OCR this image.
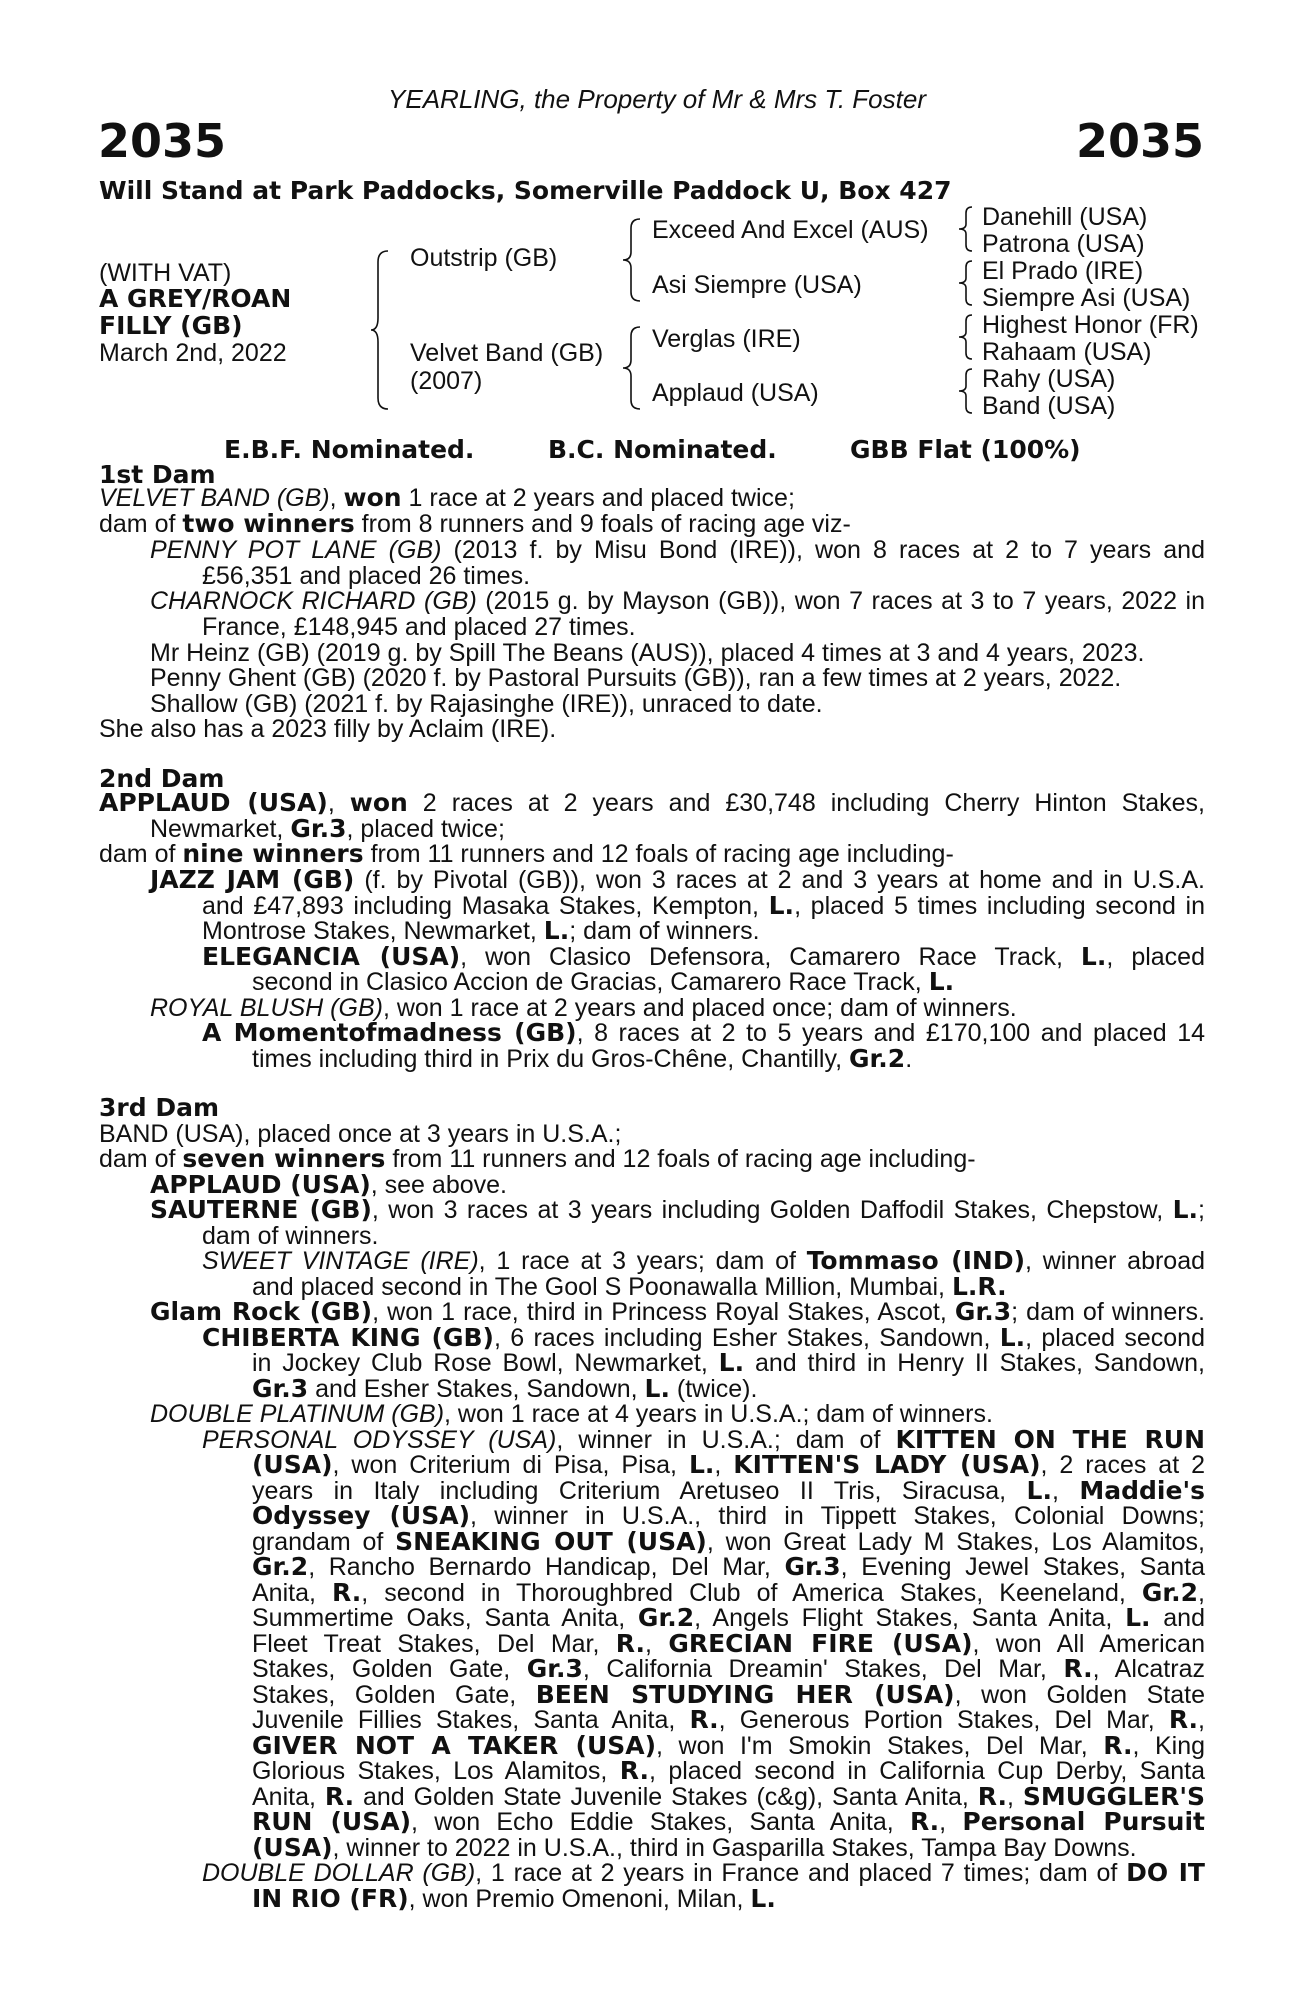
YEARLING, the Property of Mr & Mrs T. Foster
2035	2035
Will Stand at Park Paddocks, Somerville Paddock U, Box 427
(WITH VAT)
A GREY/ROAN
FILLY (GB)
March 2nd, 2022
Outstrip (GB)
Velvet Band (GB)
(2007)
Exceed And Excel (AUS)
Asi Siempre (USA)
Verglas (IRE)
Applaud (USA)
Danehill (USA)
Patrona (USA)
El Prado (IRE)
Siempre Asi (USA)
Highest Honor (FR)
Rahaam (USA)
Rahy (USA)
Band (USA)
E.B.F. Nominated.	B.C. Nominated.	GBB Flat (100%)
1st Dam
VELVET BAND (GB), won 1 race at 2 years and placed twice;
dam of two winners from 8 runners and 9 foals of racing age viz-
PENNY POT LANE (GB) (2013 f. by Misu Bond (IRE)), won 8 races at 2 to 7 years and
£56,351 and placed 26 times.
CHARNOCK RICHARD (GB) (2015 g. by Mayson (GB)), won 7 races at 3 to 7 years, 2022 in
France, £148,945 and placed 27 times.
Mr Heinz (GB) (2019 g. by Spill The Beans (AUS)), placed 4 times at 3 and 4 years, 2023.
Penny Ghent (GB) (2020 f. by Pastoral Pursuits (GB)), ran a few times at 2 years, 2022.
Shallow (GB) (2021 f. by Rajasinghe (IRE)), unraced to date.
She also has a 2023 filly by Aclaim (IRE).
2nd Dam
APPLAUD (USA), won 2 races at 2 years and £30,748 including Cherry Hinton Stakes,
Newmarket, Gr.3, placed twice;
dam of nine winners from 11 runners and 12 foals of racing age including-
JAZZ JAM (GB) (f. by Pivotal (GB)), won 3 races at 2 and 3 years at home and in U.S.A.
and £47,893 including Masaka Stakes, Kempton, L., placed 5 times including second in
Montrose Stakes, Newmarket, L.; dam of winners.
ELEGANCIA (USA), won Clasico Defensora, Camarero Race Track, L., placed
second in Clasico Accion de Gracias, Camarero Race Track, L.
ROYAL BLUSH (GB), won 1 race at 2 years and placed once; dam of winners.
A Momentofmadness (GB), 8 races at 2 to 5 years and £170,100 and placed 14
times including third in Prix du Gros-Chêne, Chantilly, Gr.2.
3rd Dam
BAND (USA), placed once at 3 years in U.S.A.;
dam of seven winners from 11 runners and 12 foals of racing age including-
APPLAUD (USA), see above.
SAUTERNE (GB), won 3 races at 3 years including Golden Daffodil Stakes, Chepstow, L.;
dam of winners.
SWEET VINTAGE (IRE), 1 race at 3 years; dam of Tommaso (IND), winner abroad
and placed second in The Gool S Poonawalla Million, Mumbai, L.R.
Glam Rock (GB), won 1 race, third in Princess Royal Stakes, Ascot, Gr.3; dam of winners.
CHIBERTA KING (GB), 6 races including Esher Stakes, Sandown, L., placed second
in Jockey Club Rose Bowl, Newmarket, L. and third in Henry II Stakes, Sandown,
Gr.3 and Esher Stakes, Sandown, L. (twice).
DOUBLE PLATINUM (GB), won 1 race at 4 years in U.S.A.; dam of winners.
PERSONAL ODYSSEY (USA), winner in U.S.A.; dam of KITTEN ON THE RUN
(USA), won Criterium di Pisa, Pisa, L., KITTEN'S LADY (USA), 2 races at 2
years in Italy including Criterium Aretuseo II Tris, Siracusa, L., Maddie's
Odyssey (USA), winner in U.S.A., third in Tippett Stakes, Colonial Downs;
grandam of SNEAKING OUT (USA), won Great Lady M Stakes, Los Alamitos,
Gr.2, Rancho Bernardo Handicap, Del Mar, Gr.3, Evening Jewel Stakes, Santa
Anita, R., second in Thoroughbred Club of America Stakes, Keeneland, Gr.2,
Summertime Oaks, Santa Anita, Gr.2, Angels Flight Stakes, Santa Anita, L. and
Fleet Treat Stakes, Del Mar, R., GRECIAN FIRE (USA), won All American
Stakes, Golden Gate, Gr.3, California Dreamin' Stakes, Del Mar, R., Alcatraz
Stakes, Golden Gate, BEEN STUDYING HER (USA), won Golden State
Juvenile Fillies Stakes, Santa Anita, R., Generous Portion Stakes, Del Mar, R.,
GIVER NOT A TAKER (USA), won I'm Smokin Stakes, Del Mar, R., King
Glorious Stakes, Los Alamitos, R., placed second in California Cup Derby, Santa
Anita, R. and Golden State Juvenile Stakes (c&g), Santa Anita, R., SMUGGLER'S
RUN (USA), won Echo Eddie Stakes, Santa Anita, R., Personal Pursuit
(USA), winner to 2022 in U.S.A., third in Gasparilla Stakes, Tampa Bay Downs.
DOUBLE DOLLAR (GB), 1 race at 2 years in France and placed 7 times; dam of DO IT
IN RIO (FR), won Premio Omenoni, Milan, L.
